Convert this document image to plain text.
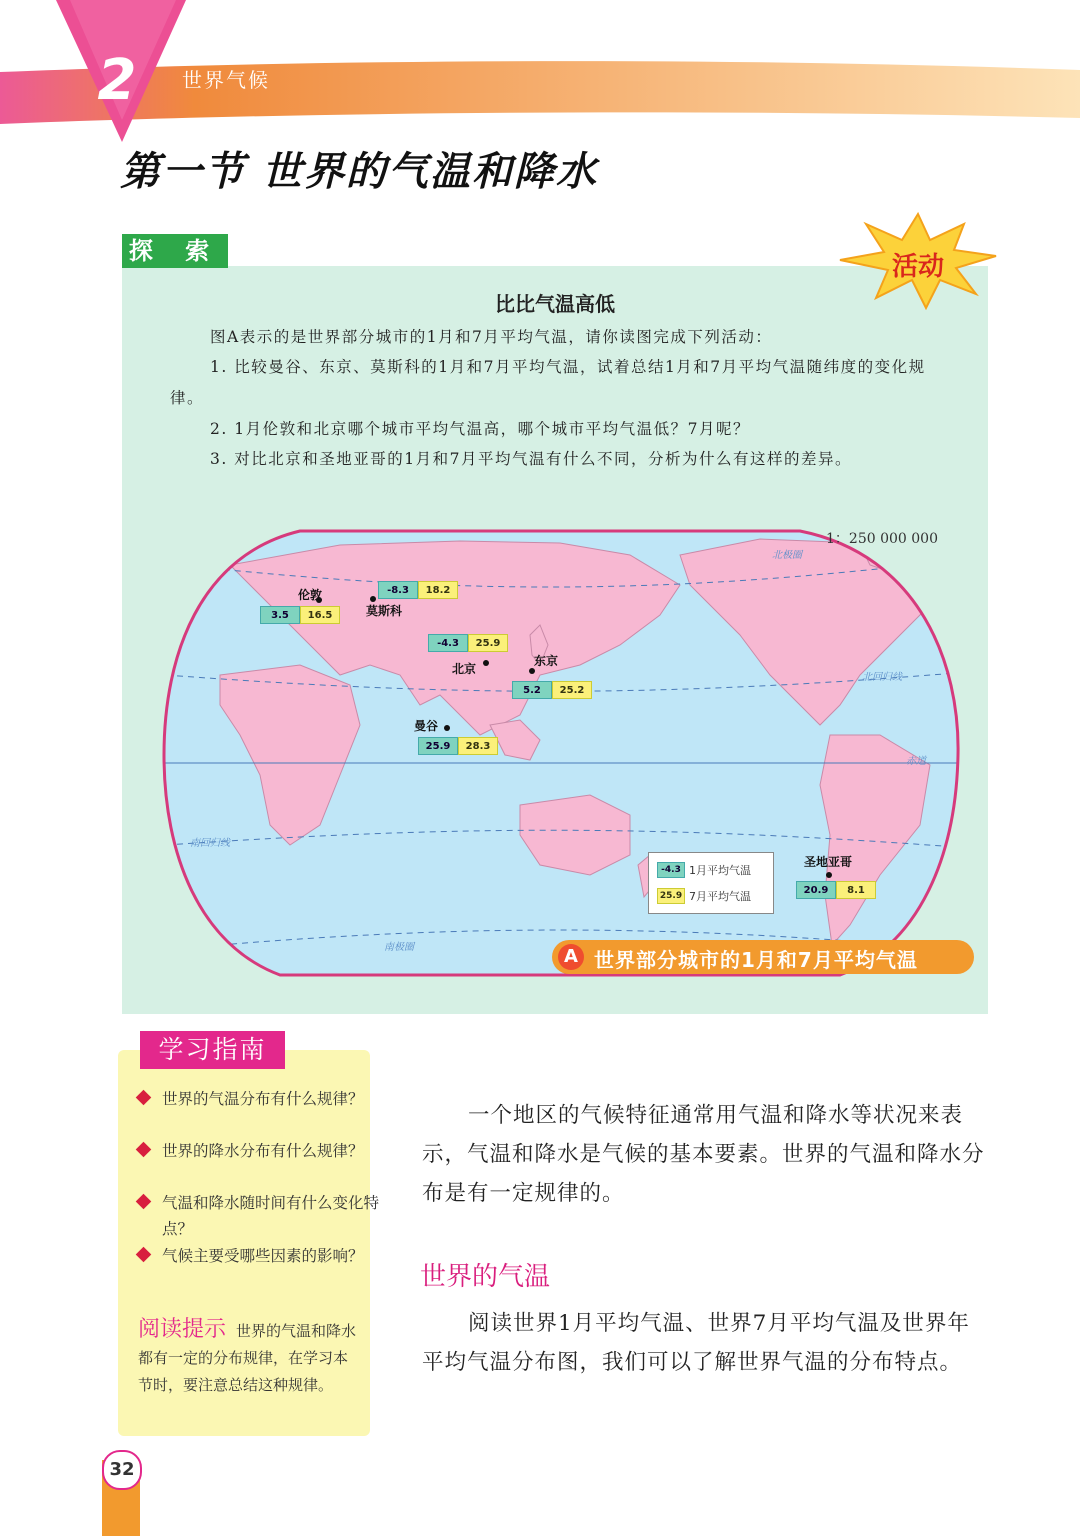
2 世界气候
第一节 世界的气温和降水
探 索
活动
比比气温高低
图A表示的是世界部分城市的1月和7月平均气温，请你读图完成下列活动：
1. 比较曼谷、东京、莫斯科的1月和7月平均气温，试着总结1月和7月平均气温随纬度的变化规律。
2. 1月伦敦和北京哪个城市平均气温高，哪个城市平均气温低？7月呢？
3. 对比北京和圣地亚哥的1月和7月平均气温有什么不同，分析为什么有这样的差异。
1：250 000 000
北极圈
北回归线
赤道
南回归线
南极圈
伦敦
3.5	16.5	莫斯科
-8.3	18.2
北京
-4.3	25.9
东京
5.2	25.2
曼谷
25.9	28.3
圣地亚哥
20.9	8.1
-4.3 1月平均气温
25.9 7月平均气温
A 世界部分城市的1月和7月平均气温
学习指南
世界的气温分布有什么规律？
世界的降水分布有什么规律？
气温和降水随时间有什么变化特点？
气候主要受哪些因素的影响？
阅读提示 世界的气温和降水都有一定的分布规律，在学习本节时，要注意总结这种规律。
一个地区的气候特征通常用气温和降水等状况来表示，气温和降水是气候的基本要素。世界的气温和降水分布是有一定规律的。
世界的气温
阅读世界1月平均气温、世界7月平均气温及世界年平均气温分布图，我们可以了解世界气温的分布特点。
32
